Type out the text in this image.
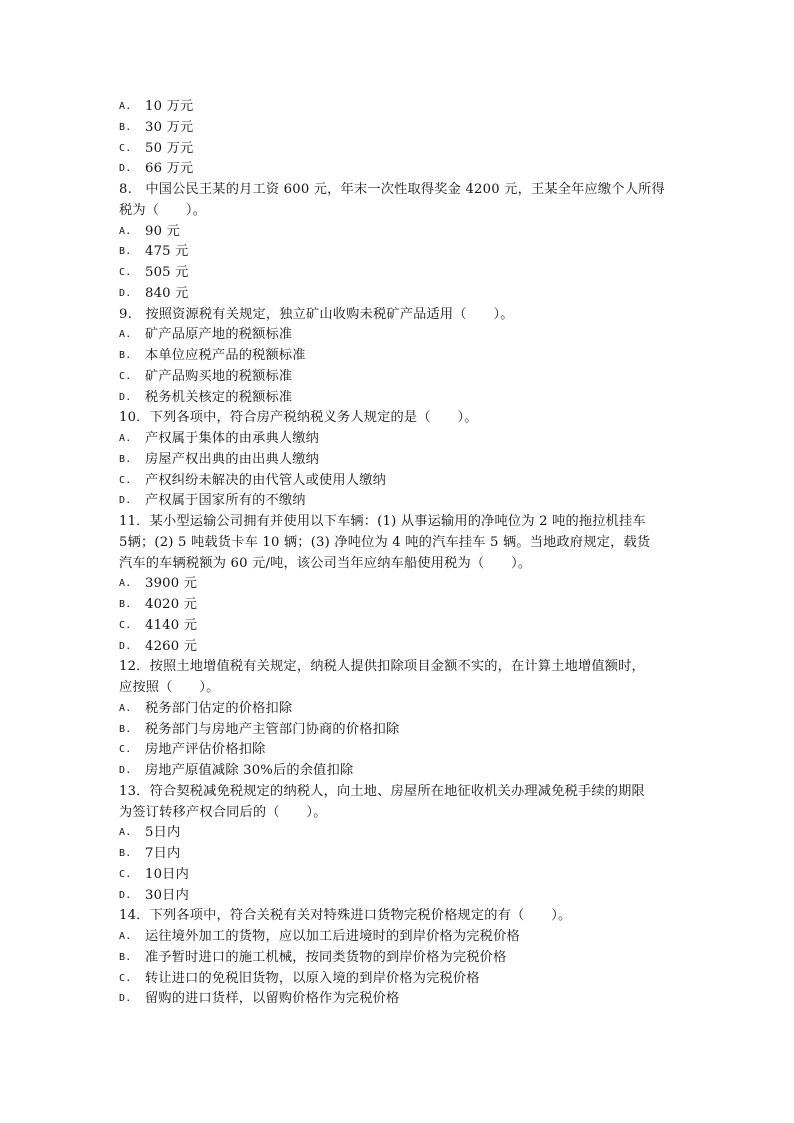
A.	10 万元
B.	30 万元
C.	50 万元
D.	66 万元
8.　中国公民王某的月工资 600 元，年末一次性取得奖金 4200 元，王某全年应缴个人所得
税为（　　）。
A.	90 元
B.	475 元
C.	505 元
D.	840 元
9.　按照资源税有关规定，独立矿山收购未税矿产品适用（　　）。
A.	矿产品原产地的税额标准
B.	本单位应税产品的税额标准
C.	矿产品购买地的税额标准
D.	税务机关核定的税额标准
10．下列各项中，符合房产税纳税义务人规定的是（　　）。
A.	产权属于集体的由承典人缴纳
B.	房屋产权出典的由出典人缴纳
C.	产权纠纷未解决的由代管人或使用人缴纳
D.	产权属于国家所有的不缴纳
11．某小型运输公司拥有并使用以下车辆：(1) 从事运输用的净吨位为 2 吨的拖拉机挂车
5辆；(2) 5 吨载货卡车 10 辆；(3) 净吨位为 4 吨的汽车挂车 5 辆。当地政府规定，载货
汽车的车辆税额为 60 元/吨，该公司当年应纳车船使用税为（　　）。
A.	3900 元
B.	4020 元
C.	4140 元
D.	4260 元
12．按照土地增值税有关规定，纳税人提供扣除项目金额不实的，在计算土地增值额时，
应按照（　　）。
A.	税务部门估定的价格扣除
B.	税务部门与房地产主管部门协商的价格扣除
C.	房地产评估价格扣除
D.	房地产原值减除 30%后的余值扣除
13．符合契税减免税规定的纳税人，向土地、房屋所在地征收机关办理减免税手续的期限
为签订转移产权合同后的（　　）。
A.	5日内
B.	7日内
C.	10日内
D.	30日内
14．下列各项中，符合关税有关对特殊进口货物完税价格规定的有（　　）。
A.	运往境外加工的货物，应以加工后进境时的到岸价格为完税价格
B.	准予暂时进口的施工机械，按同类货物的到岸价格为完税价格
C.	转让进口的免税旧货物，以原入境的到岸价格为完税价格
D.	留购的进口货样，以留购价格作为完税价格
